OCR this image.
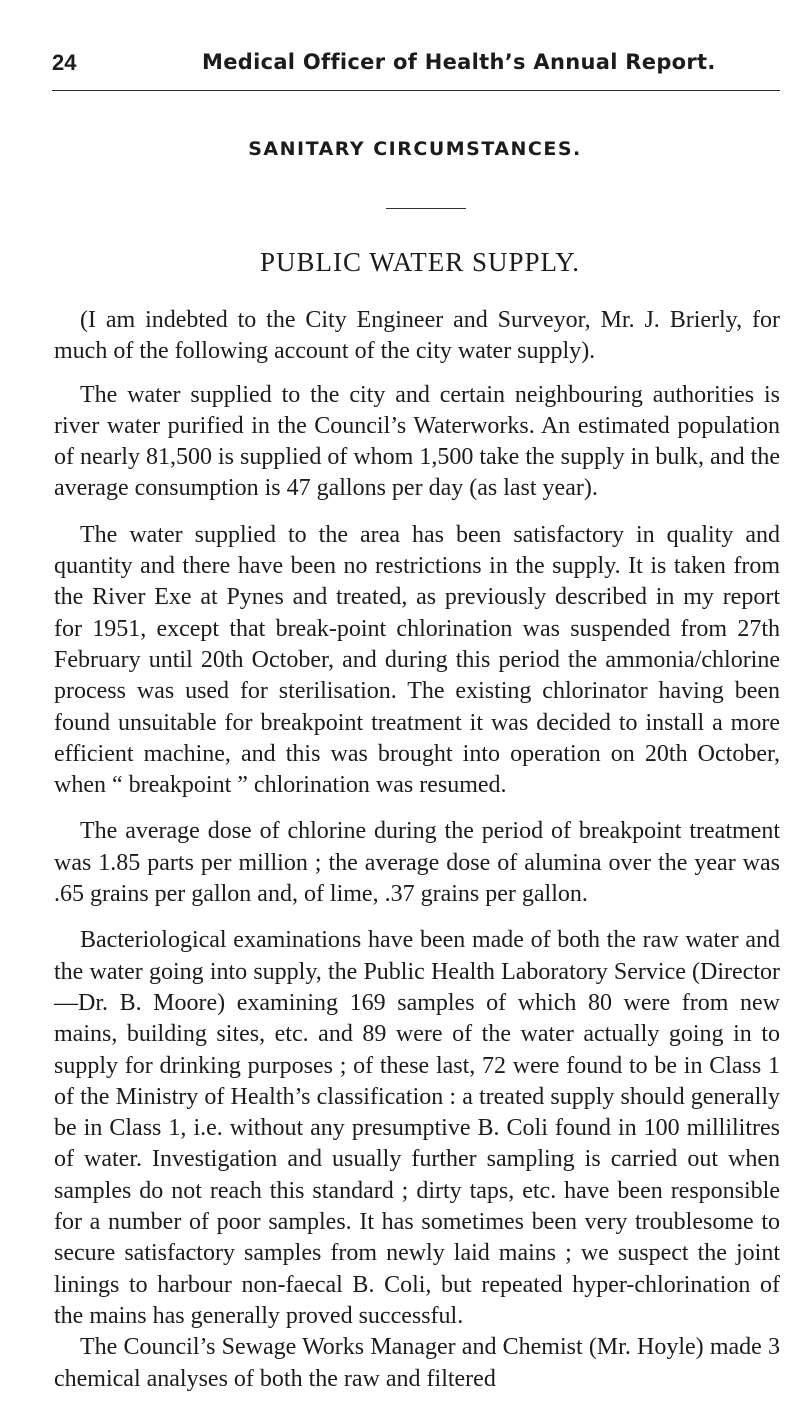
24	Medical Officer of Health’s Annual Report.
SANITARY CIRCUMSTANCES.
PUBLIC WATER SUPPLY.

(I am indebted to the City Engineer and Surveyor, Mr. J. Brierly, for much of the following account of the city water supply).

The water supplied to the city and certain neighbouring authorities is river water purified in the Council’s Waterworks. An estimated population of nearly 81,500 is supplied of whom 1,500 take the supply in bulk, and the average consumption is 47 gallons per day (as last year).

The water supplied to the area has been satisfactory in quality and quantity and there have been no restrictions in the supply. It is taken from the River Exe at Pynes and treated, as previously described in my report for 1951, except that break-point chlorination was suspended from 27th February until 20th October, and during this period the ammonia/chlorine process was used for sterilisation. The existing chlorinator having been found unsuitable for breakpoint treatment it was decided to install a more efficient machine, and this was brought into operation on 20th October, when “ breakpoint ” chlorination was resumed.

The average dose of chlorine during the period of breakpoint treatment was 1.85 parts per million ; the average dose of alumina over the year was .65 grains per gallon and, of lime, .37 grains per gallon.

Bacteriological examinations have been made of both the raw water and the water going into supply, the Public Health Laboratory Service (Director—Dr. B. Moore) examining 169 samples of which 80 were from new mains, building sites, etc. and 89 were of the water actually going in to supply for drinking purposes ; of these last, 72 were found to be in Class 1 of the Ministry of Health’s classification : a treated supply should generally be in Class 1, i.e. without any presumptive B. Coli found in 100 millilitres of water. Investigation and usually further sampling is carried out when samples do not reach this standard ; dirty taps, etc. have been responsible for a number of poor samples. It has sometimes been very troublesome to secure satisfactory samples from newly laid mains ; we suspect the joint linings to harbour non-faecal B. Coli, but repeated hyper-chlorination of the mains has generally proved successful.

The Council’s Sewage Works Manager and Chemist (Mr. Hoyle) made 3 chemical analyses of both the raw and filtered
